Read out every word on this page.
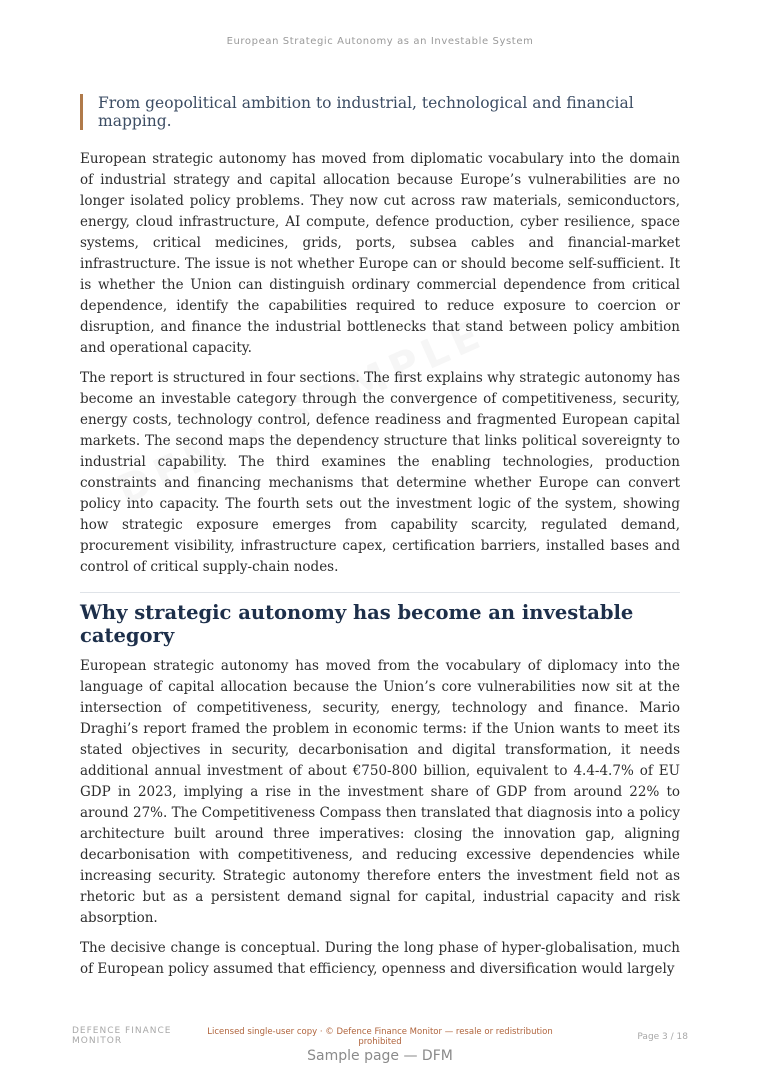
European Strategic Autonomy as an Investable System
From geopolitical ambition to industrial, technological and financial mapping.

European strategic autonomy has moved from diplomatic vocabulary into the domain of industrial strategy and capital allocation because Europe’s vulnerabilities are no longer isolated policy problems. They now cut across raw materials, semiconductors, energy, cloud infrastructure, AI compute, defence production, cyber resilience, space systems, critical medicines, grids, ports, subsea cables and financial-market infrastructure. The issue is not whether Europe can or should become self-sufficient. It is whether the Union can distinguish ordinary commercial dependence from critical dependence, identify the capabilities required to reduce exposure to coercion or disruption, and finance the industrial bottlenecks that stand between policy ambition and operational capacity.

The report is structured in four sections. The first explains why strategic autonomy has become an investable category through the convergence of competitiveness, security, energy costs, technology control, defence readiness and fragmented European capital markets. The second maps the dependency structure that links political sovereignty to industrial capability. The third examines the enabling technologies, production constraints and financing mechanisms that determine whether Europe can convert policy into capacity. The fourth sets out the investment logic of the system, showing how strategic exposure emerges from capability scarcity, regulated demand, procurement visibility, infrastructure capex, certification barriers, installed bases and control of critical supply-chain nodes.

Why strategic autonomy has become an investable category

European strategic autonomy has moved from the vocabulary of diplomacy into the language of capital allocation because the Union’s core vulnerabilities now sit at the intersection of competitiveness, security, energy, technology and finance. Mario Draghi’s report framed the problem in economic terms: if the Union wants to meet its stated objectives in security, decarbonisation and digital transformation, it needs additional annual investment of about €750-800 billion, equivalent to 4.4-4.7% of EU GDP in 2023, implying a rise in the investment share of GDP from around 22% to around 27%. The Competitiveness Compass then translated that diagnosis into a policy architecture built around three imperatives: closing the innovation gap, aligning decarbonisation with competitiveness, and reducing excessive dependencies while increasing security. Strategic autonomy therefore enters the investment field not as rhetoric but as a persistent demand signal for capital, industrial capacity and risk absorption.

The decisive change is conceptual. During the long phase of hyper-globalisation, much of European policy assumed that efficiency, openness and diversification would largely

DEFENCE FINANCE
MONITOR
Licensed single-user copy · © Defence Finance Monitor — resale or redistribution
prohibited	Page 3 / 18
Sample page — DFM
